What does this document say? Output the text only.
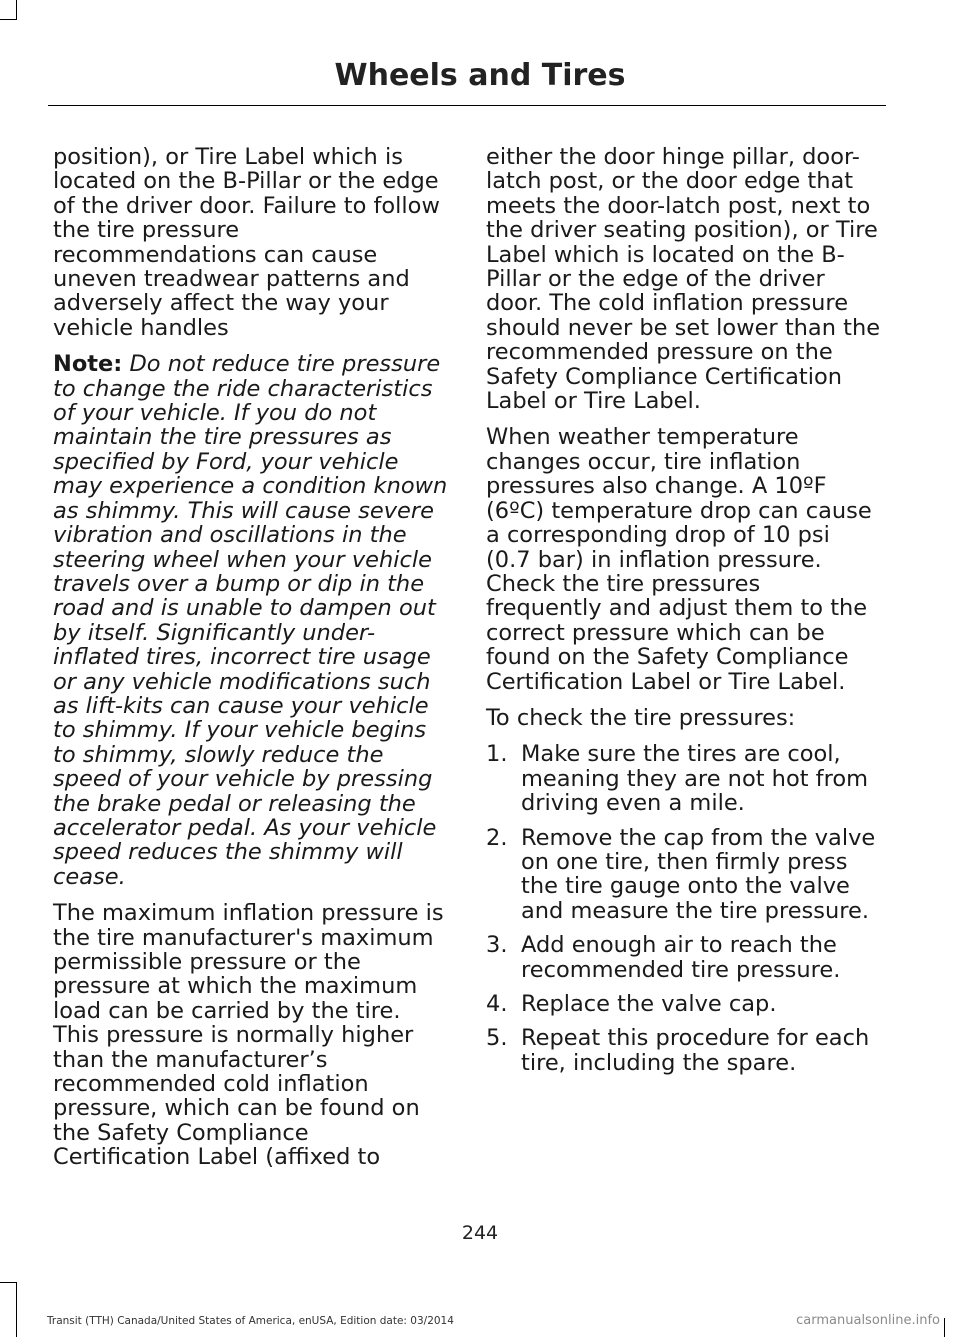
Wheels and Tires

position), or Tire Label which is located on the B-Pillar or the edge of the driver door. Failure to follow the tire pressure recommendations can cause uneven treadwear patterns and adversely affect the way your vehicle handles

Note: Do not reduce tire pressure to change the ride characteristics of your vehicle. If you do not maintain the tire pressures as specified by Ford, your vehicle may experience a condition known as shimmy. This will cause severe vibration and oscillations in the steering wheel when your vehicle travels over a bump or dip in the road and is unable to dampen out by itself. Significantly under-inflated tires, incorrect tire usage or any vehicle modifications such as lift-kits can cause your vehicle to shimmy. If your vehicle begins to shimmy, slowly reduce the speed of your vehicle by pressing the brake pedal or releasing the accelerator pedal. As your vehicle speed reduces the shimmy will cease.

The maximum inflation pressure is the tire manufacturer's maximum permissible pressure or the pressure at which the maximum load can be carried by the tire. This pressure is normally higher than the manufacturer’s recommended cold inflation pressure, which can be found on the Safety Compliance Certification Label (affixed to

either the door hinge pillar, door-latch post, or the door edge that meets the door-latch post, next to the driver seating position), or Tire Label which is located on the B-Pillar or the edge of the driver door. The cold inflation pressure should never be set lower than the recommended pressure on the Safety Compliance Certification Label or Tire Label.

When weather temperature changes occur, tire inflation pressures also change. A 10ºF (6ºC) temperature drop can cause a corresponding drop of 10 psi (0.7 bar) in inflation pressure. Check the tire pressures frequently and adjust them to the correct pressure which can be found on the Safety Compliance Certification Label or Tire Label.

To check the tire pressures:

1. Make sure the tires are cool, meaning they are not hot from driving even a mile.
2. Remove the cap from the valve on one tire, then firmly press the tire gauge onto the valve and measure the tire pressure.
3. Add enough air to reach the recommended tire pressure.
4. Replace the valve cap.
5. Repeat this procedure for each tire, including the spare.
244
Transit (TTH) Canada/United States of America, enUSA, Edition date: 03/2014	carmanualsonline.info
